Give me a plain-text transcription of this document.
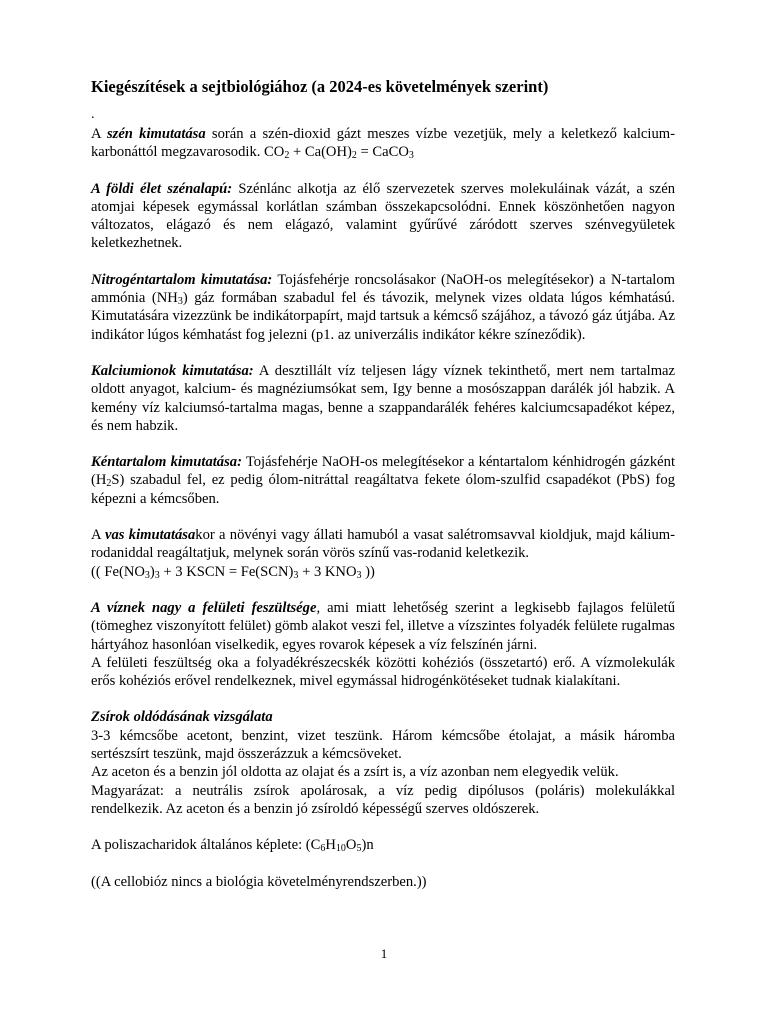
Kiegészítések a sejtbiológiához (a 2024-es követelmények szerint)
.

A szén kimutatása során a szén-dioxid gázt meszes vízbe vezetjük, mely a keletkező kalcium-karbonáttól megzavarosodik. $CO_2 + Ca(OH)_2$ = CaCO$_3$

A földi élet szénalapú: Szénlánc alkotja az élő szervezetek szerves molekuláinak vázát, a szén atomjai képesek egymással korlátlan számban összekapcsolódni. Ennek köszönhetően nagyon változatos, elágazó és nem elágazó, valamint gyűrűvé záródott szerves szénvegyületek keletkezhetnek.

Nitrogéntartalom kimutatása: Tojásfehérje roncsolásakor (NaOH-os melegítésekor) a N-tartalom ammónia $(NH_3)$ gáz formában szabadul fel és távozik, melynek vizes oldata lúgos kémhatású. Kimutatására vizezzünk be indikátorpapírt, majd tartsuk a kémcső szájához, a távozó gáz útjába. Az indikátor lúgos kémhatást fog jelezni (p1. az univerzális indikátor kékre színeződik).

Kalciumionok kimutatása: A desztillált víz teljesen lágy víznek tekinthető, mert nem tartalmaz oldott anyagot, kalcium- és magnéziumsókat sem, Igy benne a mosószappan darálék jól habzik. A kemény víz kalciumsó-tartalma magas, benne a szappandarálék fehéres kalciumcsapadékot képez, és nem habzik.

Kéntartalom kimutatása: Tojásfehérje NaOH-os melegítésekor a kéntartalom kénhidrogén gázként $(H_2S)$ szabadul fel, ez pedig ólom-nitráttal reagáltatva fekete ólom-szulfid csapadékot (PbS) fog képezni a kémcsőben.

A vas kimutatásakor a növényi vagy állati hamuból a vasat salétromsavval kioldjuk, majd kálium-rodaniddal reagáltatjuk, melynek során vörös színű vas-rodanid keletkezik.

(( $Fe(NO_3)_3 + 3$ KSCN = $Fe(SCN)_3 + 3$ $KNO_3$ ))

A víznek nagy a felületi feszültsége, ami miatt lehetőség szerint a legkisebb fajlagos felületű (tömeghez viszonyított felület) gömb alakot veszi fel, illetve a vízszintes folyadék felülete rugalmas hártyához hasonlóan viselkedik, egyes rovarok képesek a víz felszínén járni.

A felületi feszültség oka a folyadékrészecskék közötti kohéziós (összetartó) erő. A vízmolekulák erős kohéziós erővel rendelkeznek, mivel egymással hidrogénkötéseket tudnak kialakítani.

Zsírok oldódásának vizsgálata

3-3 kémcsőbe acetont, benzint, vizet teszünk. Három kémcsőbe étolajat, a másik háromba sertészsírt teszünk, majd összerázzuk a kémcsöveket.

Az aceton és a benzin jól oldotta az olajat és a zsírt is, a víz azonban nem elegyedik velük.

Magyarázat: a neutrális zsírok apolárosak, a víz pedig dipólusos (poláris) molekulákkal rendelkezik. Az aceton és a benzin jó zsíroldó képességű szerves oldószerek.

A poliszacharidok általános képlete: $(C_6H_{10}O_5)n$

((A cellobióz nincs a biológia követelményrendszerben.))

1
